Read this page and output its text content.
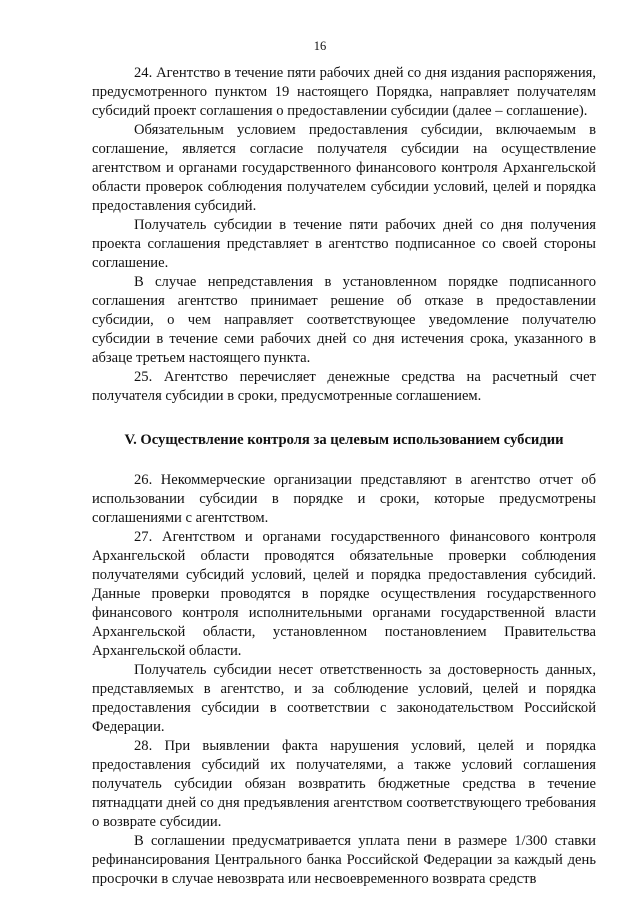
16

24. Агентство в течение пяти рабочих дней со дня издания распоряжения, предусмотренного пунктом 19 настоящего Порядка, направляет получателям субсидий проект соглашения о предоставлении субсидии (далее – соглашение).

Обязательным условием предоставления субсидии, включаемым в соглашение, является согласие получателя субсидии на осуществление агентством и органами государственного финансового контроля Архангельской области проверок соблюдения получателем субсидии условий, целей и порядка предоставления субсидий.

Получатель субсидии в течение пяти рабочих дней со дня получения проекта соглашения представляет в агентство подписанное со своей стороны соглашение.

В случае непредставления в установленном порядке подписанного соглашения агентство принимает решение об отказе в предоставлении субсидии, о чем направляет соответствующее уведомление получателю субсидии в течение семи рабочих дней со дня истечения срока, указанного в абзаце третьем настоящего пункта.

25. Агентство перечисляет денежные средства на расчетный счет получателя субсидии в сроки, предусмотренные соглашением.

V. Осуществление контроля за целевым использованием субсидии

26. Некоммерческие организации представляют в агентство отчет об использовании субсидии в порядке и сроки, которые предусмотрены соглашениями с агентством.

27. Агентством и органами государственного финансового контроля Архангельской области проводятся обязательные проверки соблюдения получателями субсидий условий, целей и порядка предоставления субсидий. Данные проверки проводятся в порядке осуществления государственного финансового контроля исполнительными органами государственной власти Архангельской области, установленном постановлением Правительства Архангельской области.

Получатель субсидии несет ответственность за достоверность данных, представляемых в агентство, и за соблюдение условий, целей и порядка предоставления субсидии в соответствии с законодательством Российской Федерации.

28. При выявлении факта нарушения условий, целей и порядка предоставления субсидий их получателями, а также условий соглашения получатель субсидии обязан возвратить бюджетные средства в течение пятнадцати дней со дня предъявления агентством соответствующего требования о возврате субсидии.

В соглашении предусматривается уплата пени в размере 1/300 ставки рефинансирования Центрального банка Российской Федерации за каждый день просрочки в случае невозврата или несвоевременного возврата средств
